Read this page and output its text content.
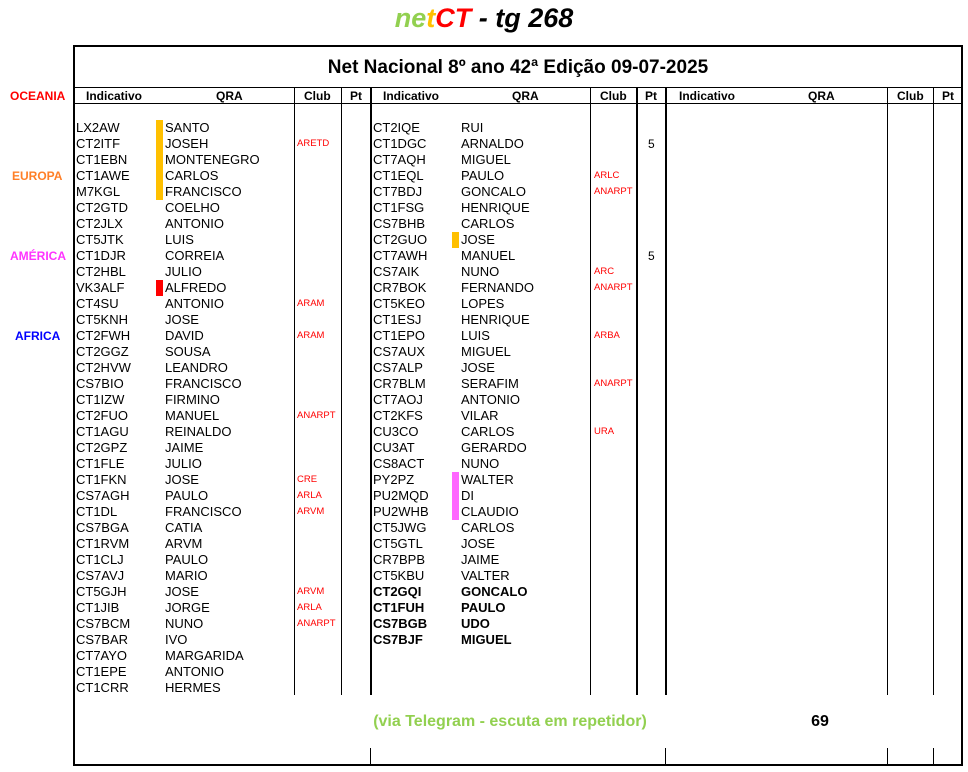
netCT - tg 268
Net Nacional 8º ano 42ª Edição 09-07-2025
Indicativo	QRA	Club Pt Indicativo	QRA	Club Pt Indicativo	QRA	Club Pt
OCEANIA
EUROPA
AMÉRICA
AFRICA
LX2AW	SANTO
CT2ITF	JOSEH	ARETD
CT1EBN	MONTENEGRO
CT1AWE	CARLOS
M7KGL	FRANCISCO
CT2GTD	COELHO
CT2JLX	ANTONIO
CT5JTK	LUIS
CT1DJR	CORREIA
CT2HBL	JULIO
VK3ALF	ALFREDO
CT4SU	ANTONIO	ARAM
CT5KNH	JOSE
CT2FWH	DAVID	ARAM
CT2GGZ	SOUSA
CT2HVW	LEANDRO
CS7BIO	FRANCISCO
CT1IZW	FIRMINO
CT2FUO	MANUEL	ANARPT
CT1AGU	REINALDO
CT2GPZ	JAIME
CT1FLE	JULIO
CT1FKN	JOSE	CRE
CS7AGH	PAULO	ARLA
CT1DL	FRANCISCO	ARVM
CS7BGA	CATIA
CT1RVM	ARVM
CT1CLJ	PAULO
CS7AVJ	MARIO
CT5GJH	JOSE	ARVM
CT1JIB	JORGE	ARLA
CS7BCM	NUNO	ANARPT
CS7BAR	IVO
CT7AYO	MARGARIDA
CT1EPE	ANTONIO
CT1CRR	HERMES
CT2IQE	RUI
CT1DGC	ARNALDO	5
CT7AQH	MIGUEL
CT1EQL	PAULO	ARLC
CT7BDJ	GONCALO	ANARPT
CT1FSG	HENRIQUE
CS7BHB	CARLOS
CT2GUO	JOSE
CT7AWH	MANUEL	5
CS7AIK	NUNO	ARC
CR7BOK	FERNANDO	ANARPT
CT5KEO	LOPES
CT1ESJ	HENRIQUE
CT1EPO	LUIS	ARBA
CS7AUX	MIGUEL
CS7ALP	JOSE
CR7BLM	SERAFIM	ANARPT
CT7AOJ	ANTONIO
CT2KFS	VILAR
CU3CO	CARLOS	URA
CU3AT	GERARDO
CS8ACT	NUNO
PY2PZ	WALTER
PU2MQD DI
PU2WHB CLAUDIO
CT5JWG	CARLOS
CT5GTL	JOSE
CR7BPB	JAIME
CT5KBU	VALTER
CT2GQI	GONCALO
CT1FUH	PAULO
CS7BGB	UDO
CS7BJF	MIGUEL
(via Telegram - escuta em repetidor)	69
